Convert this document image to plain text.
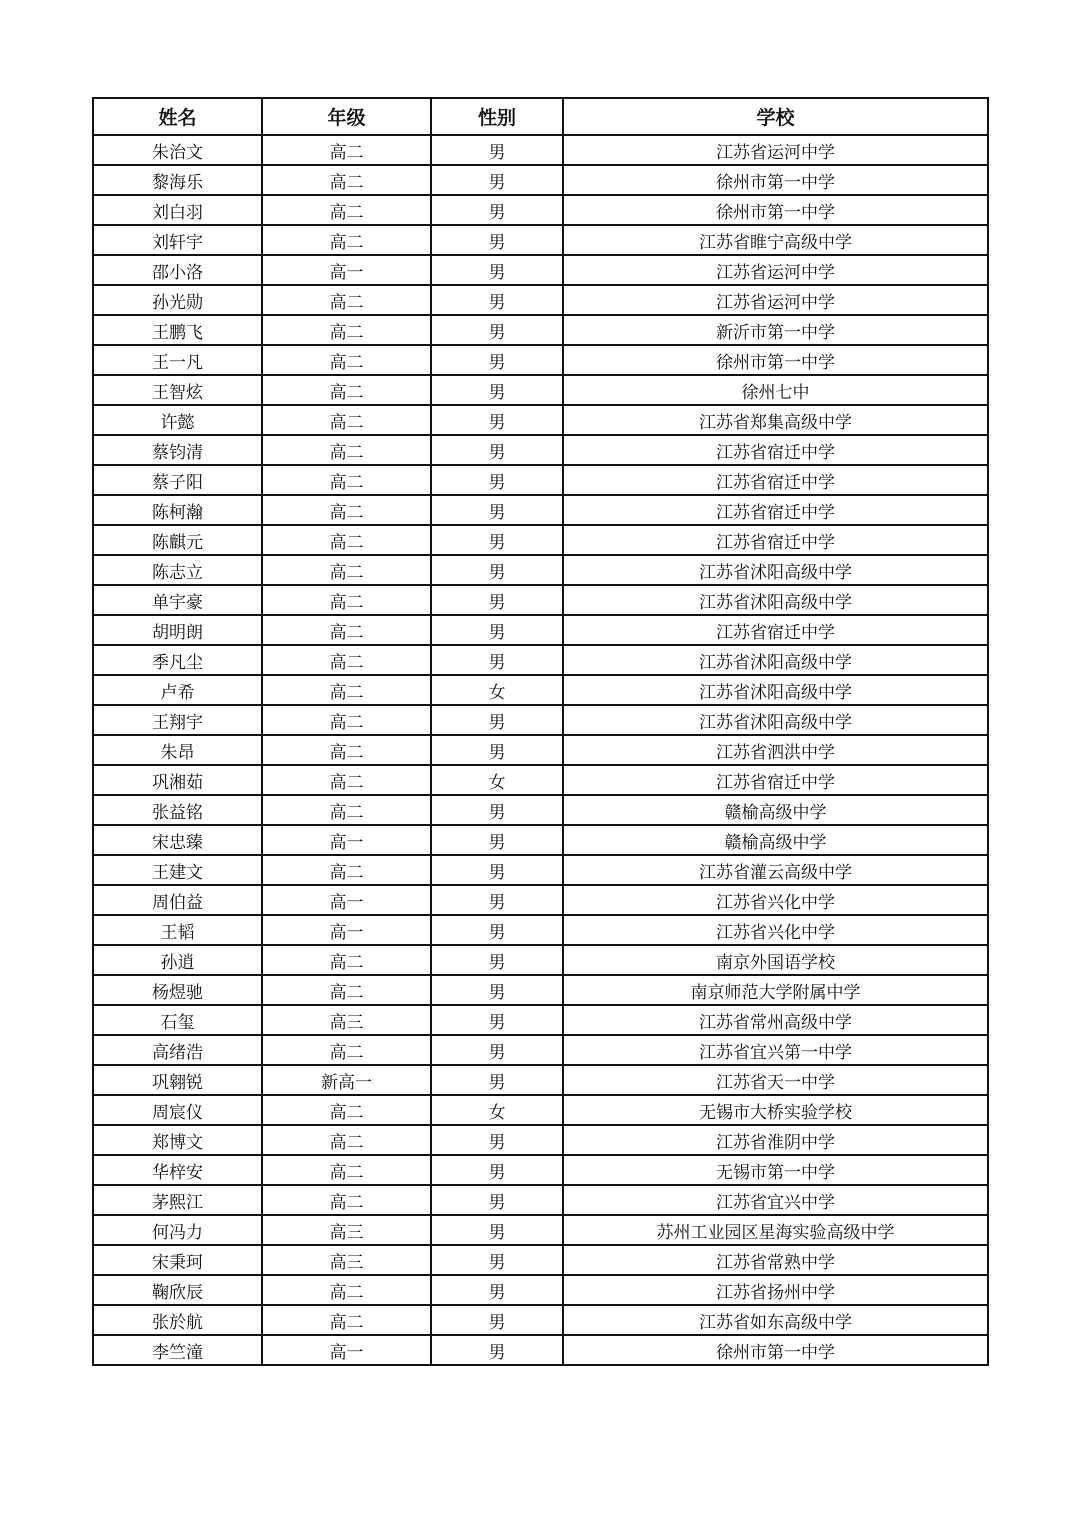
姓名	年级	性别	学校
朱治文	高二	男	江苏省运河中学
黎海乐	高二	男	徐州市第一中学
刘白羽	高二	男	徐州市第一中学
刘轩宇	高二	男	江苏省睢宁高级中学
邵小洛	高一	男	江苏省运河中学
孙光勋	高二	男	江苏省运河中学
王鹏飞	高二	男	新沂市第一中学
王一凡	高二	男	徐州市第一中学
王智炫	高二	男	徐州七中
许懿	高二	男	江苏省郑集高级中学
蔡钧清	高二	男	江苏省宿迁中学
蔡子阳	高二	男	江苏省宿迁中学
陈柯瀚	高二	男	江苏省宿迁中学
陈麒元	高二	男	江苏省宿迁中学
陈志立	高二	男	江苏省沭阳高级中学
单宇豪	高二	男	江苏省沭阳高级中学
胡明朗	高二	男	江苏省宿迁中学
季凡尘	高二	男	江苏省沭阳高级中学
卢希	高二	女	江苏省沭阳高级中学
王翔宇	高二	男	江苏省沭阳高级中学
朱昂	高二	男	江苏省泗洪中学
巩湘茹	高二	女	江苏省宿迁中学
张益铭	高二	男	赣榆高级中学
宋忠臻	高一	男	赣榆高级中学
王建文	高二	男	江苏省灌云高级中学
周伯益	高一	男	江苏省兴化中学
王韬	高一	男	江苏省兴化中学
孙逍	高二	男	南京外国语学校
杨煜驰	高二	男	南京师范大学附属中学
石玺	高三	男	江苏省常州高级中学
高绪浩	高二	男	江苏省宜兴第一中学
巩翱锐	新高一	男	江苏省天一中学
周宸仪	高二	女	无锡市大桥实验学校
郑博文	高二	男	江苏省淮阴中学
华梓安	高二	男	无锡市第一中学
茅熙江	高二	男	江苏省宜兴中学
何冯力	高三	男	苏州工业园区星海实验高级中学
宋秉珂	高三	男	江苏省常熟中学
鞠欣辰	高二	男	江苏省扬州中学
张於航	高二	男	江苏省如东高级中学
李竺潼	高一	男	徐州市第一中学
